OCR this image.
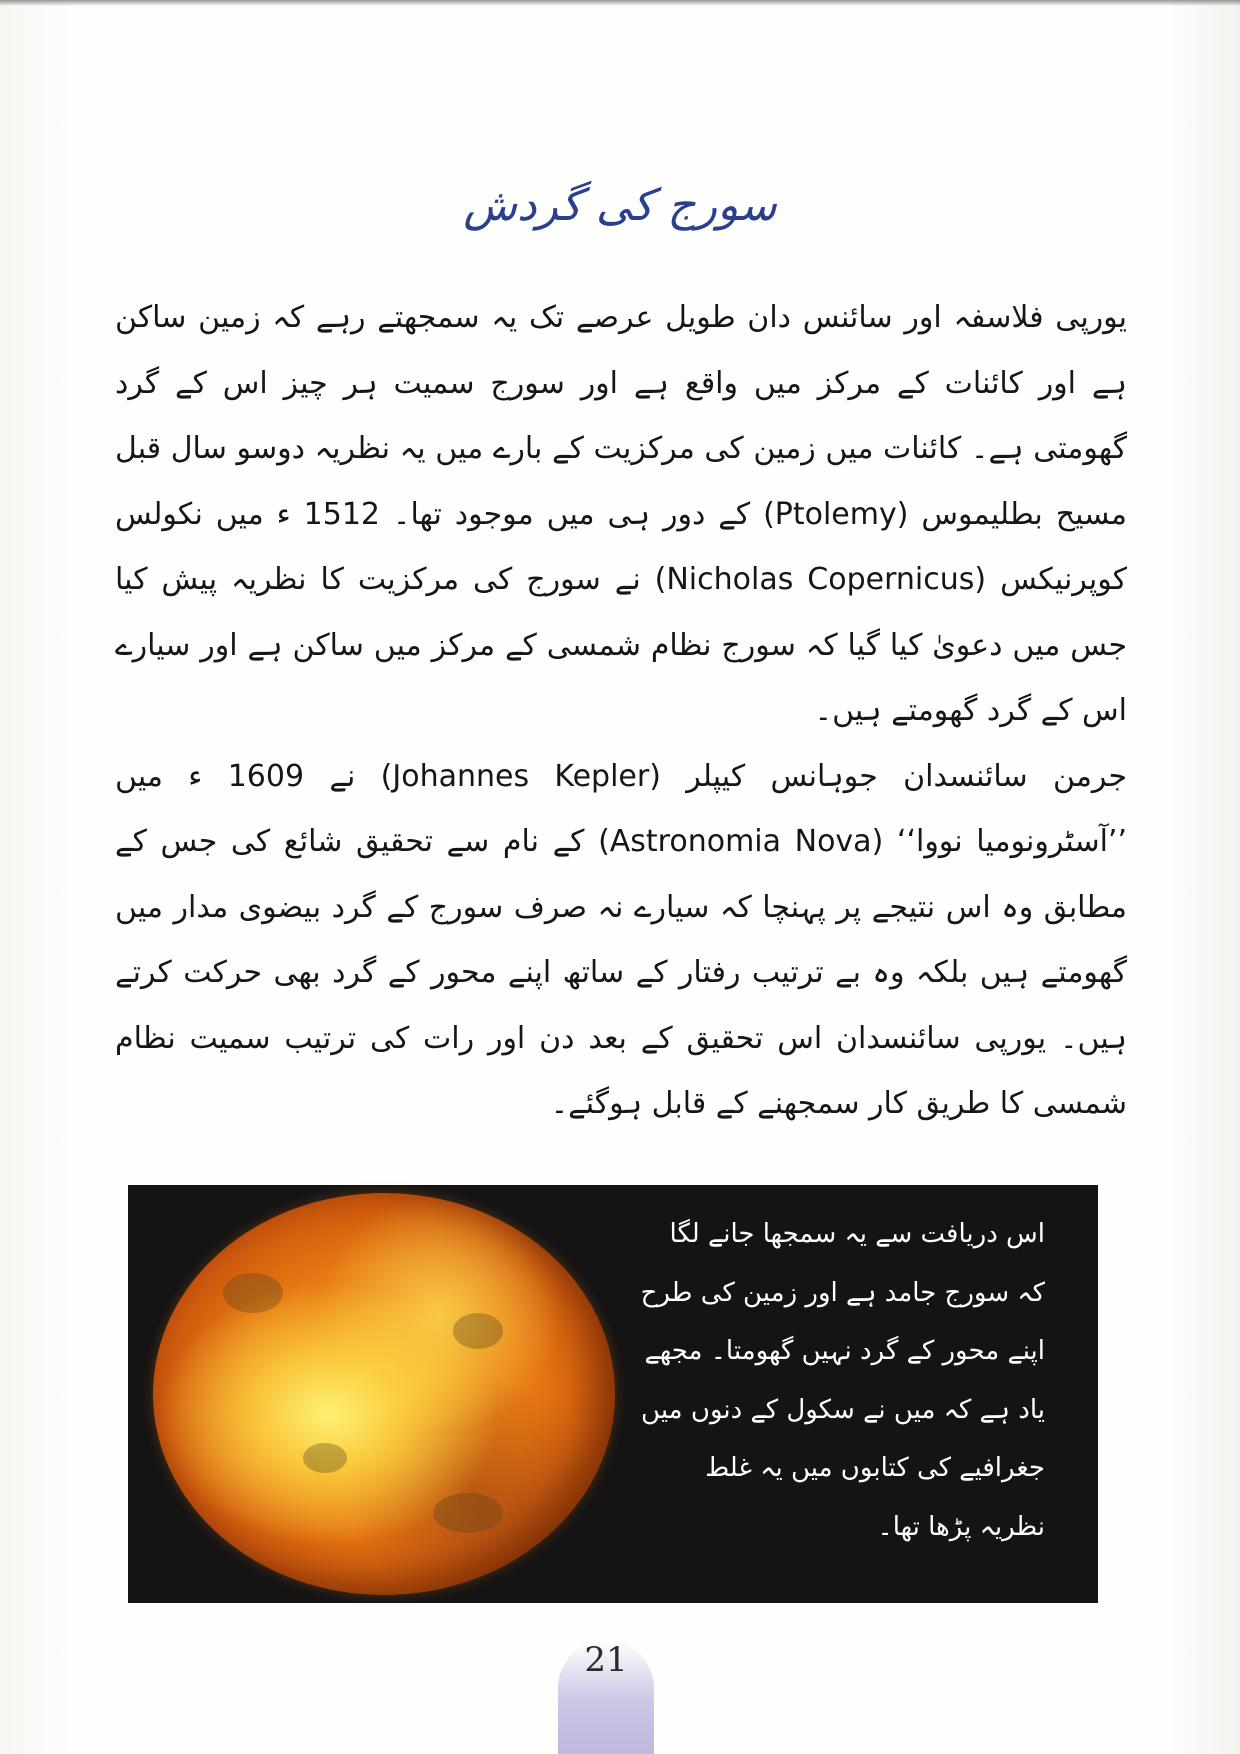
سورج کی گردش

یورپی فلاسفہ اور سائنس دان طویل عرصے تک یہ سمجھتے رہے کہ زمین ساکن ہے اور کائنات کے مرکز میں واقع ہے اور سورج سمیت ہر چیز اس کے گرد گھومتی ہے۔ کائنات میں زمین کی مرکزیت کے بارے میں یہ نظریہ دوسو سال قبل مسیح بطلیموس (Ptolemy) کے دور ہی میں موجود تھا۔ 1512 ء میں نکولس کوپرنیکس (Nicholas Copernicus) نے سورج کی مرکزیت کا نظریہ پیش کیا جس میں دعویٰ کیا گیا کہ سورج نظام شمسی کے مرکز میں ساکن ہے اور سیارے اس کے گرد گھومتے ہیں۔

جرمن سائنسدان جوہانس کیپلر (Johannes Kepler) نے 1609 ء میں ’’آسٹرونومیا نووا‘‘ (Astronomia Nova) کے نام سے تحقیق شائع کی جس کے مطابق وہ اس نتیجے پر پہنچا کہ سیارے نہ صرف سورج کے گرد بیضوی مدار میں گھومتے ہیں بلکہ وہ بے ترتیب رفتار کے ساتھ اپنے محور کے گرد بھی حرکت کرتے ہیں۔ یورپی سائنسدان اس تحقیق کے بعد دن اور رات کی ترتیب سمیت نظام شمسی کا طریق کار سمجھنے کے قابل ہوگئے۔

اس دریافت سے یہ سمجھا جانے لگا کہ سورج جامد ہے اور زمین کی طرح اپنے محور کے گرد نہیں گھومتا۔ مجھے یاد ہے کہ میں نے سکول کے دنوں میں جغرافیے کی کتابوں میں یہ غلط نظریہ پڑھا تھا۔

21
